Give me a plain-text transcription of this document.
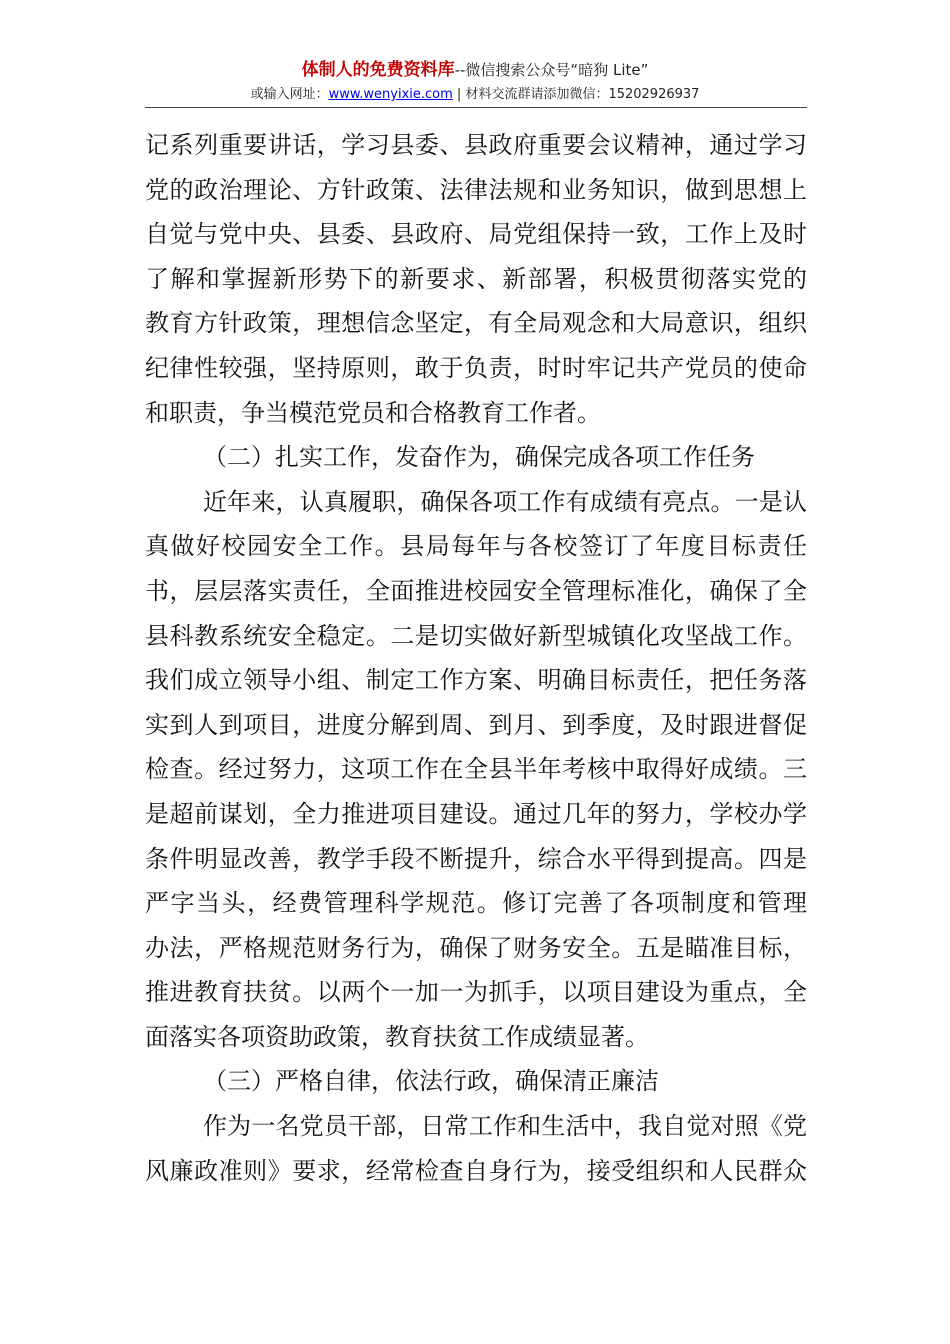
体制人的免费资料库--微信搜索公众号“暗狗 Lite”
或输入网址：www.wenyixie.com | 材料交流群请添加微信：15202926937
记系列重要讲话，学习县委、县政府重要会议精神，通过学习
党的政治理论、方针政策、法律法规和业务知识，做到思想上
自觉与党中央、县委、县政府、局党组保持一致，工作上及时
了解和掌握新形势下的新要求、新部署，积极贯彻落实党的
教育方针政策，理想信念坚定，有全局观念和大局意识，组织
纪律性较强，坚持原则，敢于负责，时时牢记共产党员的使命
和职责，争当模范党员和合格教育工作者。
（二）扎实工作，发奋作为，确保完成各项工作任务
近年来，认真履职，确保各项工作有成绩有亮点。一是认
真做好校园安全工作。县局每年与各校签订了年度目标责任
书，层层落实责任，全面推进校园安全管理标准化，确保了全
县科教系统安全稳定。二是切实做好新型城镇化攻坚战工作。
我们成立领导小组、制定工作方案、明确目标责任，把任务落
实到人到项目，进度分解到周、到月、到季度，及时跟进督促
检查。经过努力，这项工作在全县半年考核中取得好成绩。三
是超前谋划，全力推进项目建设。通过几年的努力，学校办学
条件明显改善，教学手段不断提升，综合水平得到提高。四是
严字当头，经费管理科学规范。修订完善了各项制度和管理
办法，严格规范财务行为，确保了财务安全。五是瞄准目标，
推进教育扶贫。以两个一加一为抓手，以项目建设为重点，全
面落实各项资助政策，教育扶贫工作成绩显著。
（三）严格自律，依法行政，确保清正廉洁
作为一名党员干部，日常工作和生活中，我自觉对照《党
风廉政准则》要求，经常检查自身行为，接受组织和人民群众
